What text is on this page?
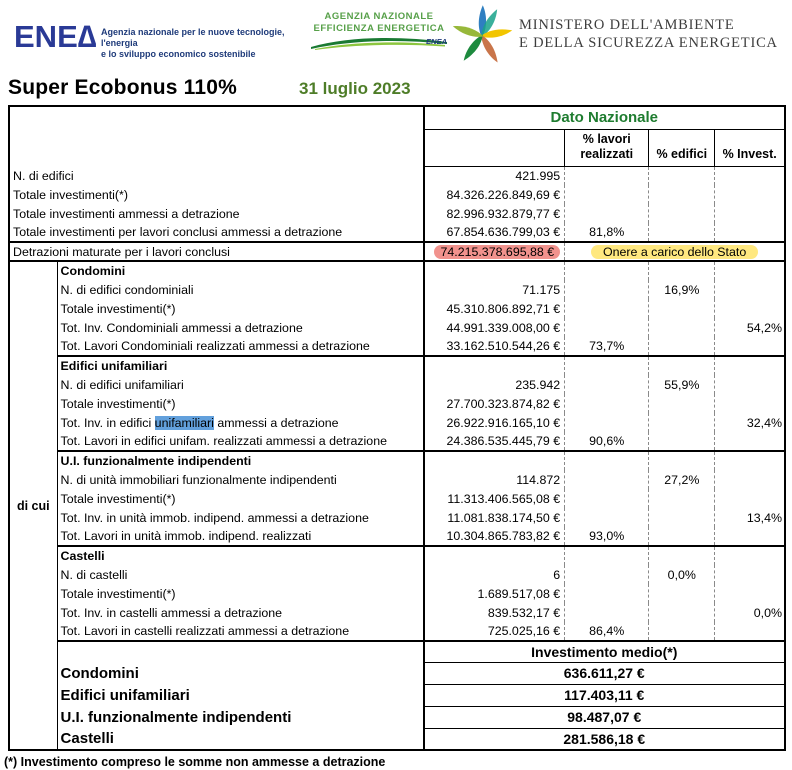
ENE∆ Agenzia nazionale per le nuove tecnologie, l'energia
e lo sviluppo economico sostenibile
AGENZIA NAZIONALE
EFFICIENZA ENERGETICA
ENEA
MINISTERO DELL'AMBIENTE
E DELLA SICUREZZA ENERGETICA
Super Ecobonus 110%	31 luglio 2023
		Dato Nazionale			
			% lavori realizzati	% edifici	% Invest.
N. di edifici		421.995			
Totale investimenti(*)		84.326.226.849,69 €			
Totale investimenti ammessi a detrazione		82.996.932.879,77 €			
Totale investimenti per lavori conclusi ammessi a detrazione		67.854.636.799,03 €	81,8%		
Detrazioni maturate per i lavori conclusi		74.215.378.695,88 €	Onere a carico dello Stato		
di cui	Condomini				
	N. di edifici condominiali	71.175		16,9%	
	Totale investimenti(*)	45.310.806.892,71 €			
	Tot. Inv. Condominiali ammessi a detrazione	44.991.339.008,00 €			54,2%
	Tot. Lavori Condominiali realizzati ammessi a detrazione	33.162.510.544,26 €	73,7%		
	Edifici unifamiliari				
	N. di edifici unifamiliari	235.942		55,9%	
	Totale investimenti(*)	27.700.323.874,82 €			
	Tot. Inv. in edifici unifamiliari ammessi a detrazione	26.922.916.165,10 €			32,4%
	Tot. Lavori in edifici unifam. realizzati ammessi a detrazione	24.386.535.445,79 €	90,6%		
	U.I. funzionalmente indipendenti				
	N. di unità immobiliari funzionalmente indipendenti	114.872		27,2%	
	Totale investimenti(*)	11.313.406.565,08 €			
	Tot. Inv. in unità immob. indipend. ammessi a detrazione	11.081.838.174,50 €			13,4%
	Tot. Lavori in unità immob. indipend. realizzati	10.304.865.783,82 €	93,0%		
	Castelli				
	N. di castelli	6		0,0%	
	Totale investimenti(*)	1.689.517,08 €			
	Tot. Inv. in castelli ammessi a detrazione	839.532,17 €			0,0%
	Tot. Lavori in castelli realizzati ammessi a detrazione	725.025,16 €	86,4%		
		Investimento medio(*)			
	Condomini	636.611,27 €			
	Edifici unifamiliari	117.403,11 €			
	U.I. funzionalmente indipendenti	98.487,07 €			
	Castelli	281.586,18 €			
(*) Investimento compreso le somme non ammesse a detrazione
